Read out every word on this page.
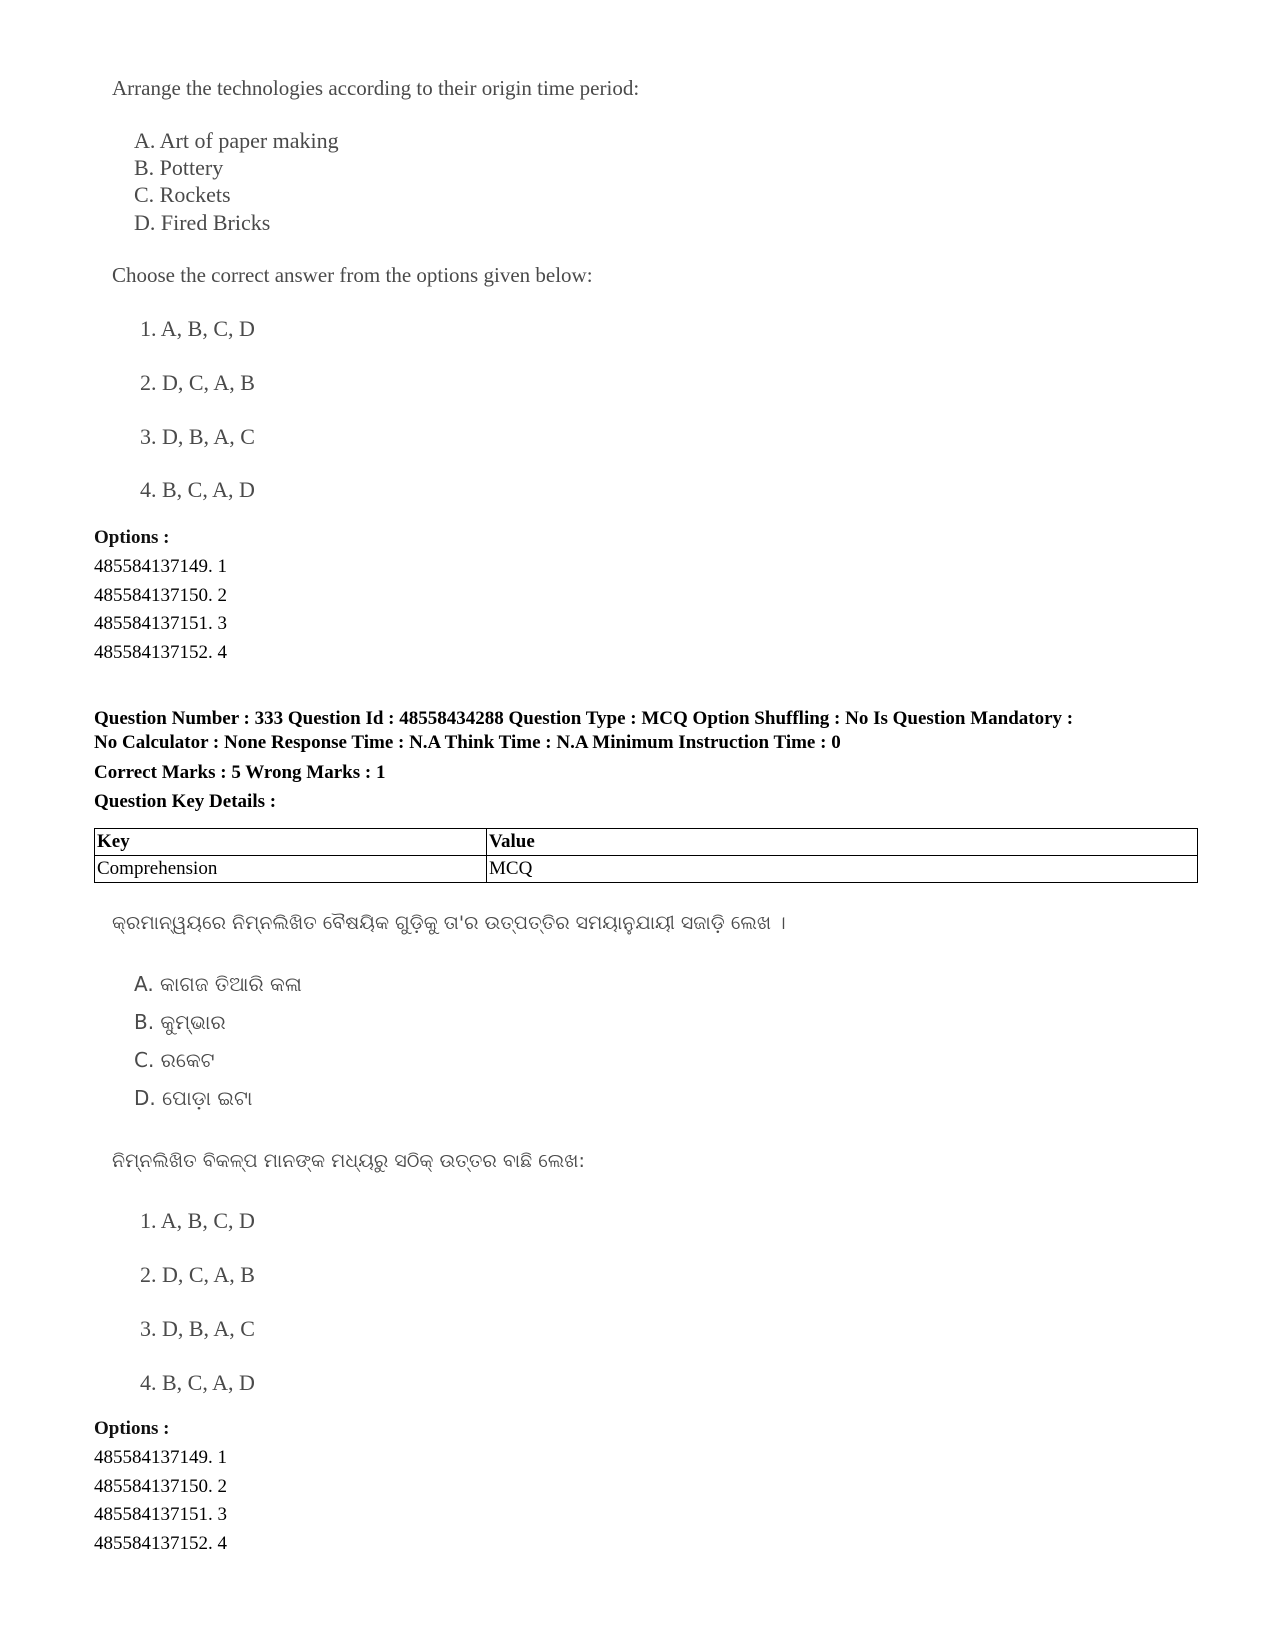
Arrange the technologies according to their origin time period:
A. Art of paper making
B. Pottery
C. Rockets
D. Fired Bricks
Choose the correct answer from the options given below:
1. A, B, C, D
2. D, C, A, B
3. D, B, A, C
4. B, C, A, D
Options :
485584137149. 1
485584137150. 2
485584137151. 3
485584137152. 4
Question Number : 333 Question Id : 48558434288 Question Type : MCQ Option Shuffling : No Is Question Mandatory :
No Calculator : None Response Time : N.A Think Time : N.A Minimum Instruction Time : 0
Correct Marks : 5 Wrong Marks : 1
Question Key Details :
Key	Value
Comprehension	MCQ
କ୍ରମାନ୍ୱୟରେ ନିମ୍ନଲିଖିତ ବୈଷୟିକ ଗୁଡ଼ିକୁ ତା'ର ଉତ୍ପତ୍ତିର ସମୟାନୁଯାୟୀ ସଜାଡ଼ି ଲେଖ ।
A. କାଗଜ ତିଆରି କଳା
B. କୁମ୍ଭାର
C. ରକେଟ
D. ପୋଡ଼ା ଇଟା
ନିମ୍ନଲିଖିତ ବିକଳ୍ପ ମାନଙ୍କ ମଧ୍ୟରୁ ସଠିକ୍ ଉତ୍ତର ବାଛି ଲେଖ:
1. A, B, C, D
2. D, C, A, B
3. D, B, A, C
4. B, C, A, D
Options :
485584137149. 1
485584137150. 2
485584137151. 3
485584137152. 4
